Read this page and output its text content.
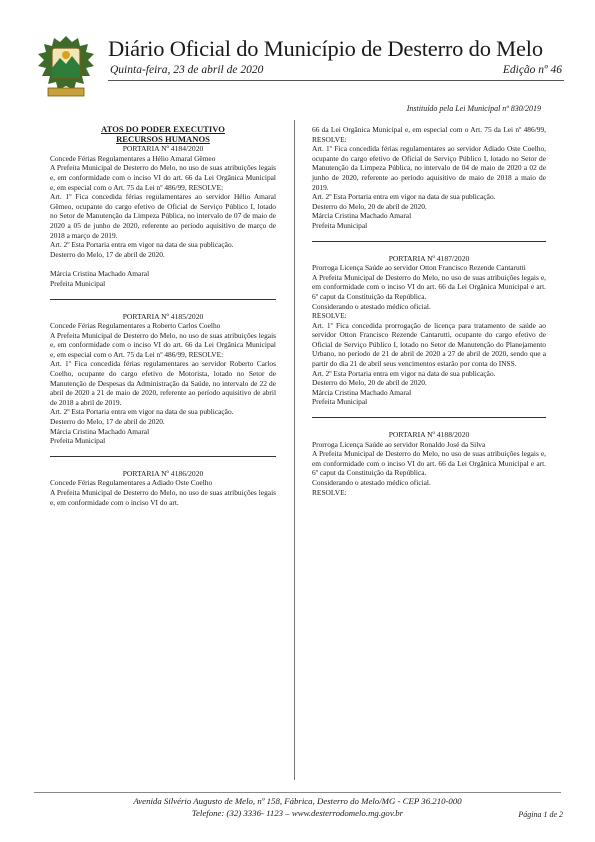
Diário Oficial do Município de Desterro do Melo
Quinta-feira, 23 de abril de 2020	Edição nº 46
Instituído pela Lei Municipal nº 830/2019

ATOS DO PODER EXECUTIVO

RECURSOS HUMANOS

PORTARIA Nº 4184/2020

Concede Férias Regulamentares a Hélio Amaral Gêmeo

A Prefeita Municipal de Desterro do Melo, no uso de suas atribuições legais e, em conformidade com o inciso VI do art. 66 da Lei Orgânica Municipal e, em especial com o Art. 75 da Lei nº 486/99, RESOLVE:

Art. 1º Fica concedida férias regulamentares ao servidor Hélio Amaral Gêmeo, ocupante do cargo efetivo de Oficial de Serviço Público I, lotado no Setor de Manutenção da Limpeza Pública, no intervalo de 07 de maio de 2020 a 05 de junho de 2020, referente ao período aquisitivo de março de 2018 a março de 2019.

Art. 2º Esta Portaria entra em vigor na data de sua publicação.

Desterro do Melo, 17 de abril de 2020.

Márcia Cristina Machado Amaral

Prefeita Municipal

PORTARIA Nº 4185/2020

Concede Férias Regulamentares a Roberto Carlos Coelho

A Prefeita Municipal de Desterro do Melo, no uso de suas atribuições legais e, em conformidade com o inciso VI do art. 66 da Lei Orgânica Municipal e, em especial com o Art. 75 da Lei nº 486/99, RESOLVE:

Art. 1º Fica concedida férias regulamentares ao servidor Roberto Carlos Coelho, ocupante do cargo efetivo de Motorista, lotado no Setor de Manutenção de Despesas da Administração da Saúde, no intervalo de 22 de abril de 2020 a 21 de maio de 2020, referente ao período aquisitivo de abril de 2018 a abril de 2019.

Art. 2º Esta Portaria entra em vigor na data de sua publicação.

Desterro do Melo, 17 de abril de 2020.

Márcia Cristina Machado Amaral

Prefeita Municipal

PORTARIA Nº 4186/2020

Concede Férias Regulamentares a Adiado Oste Coelho

A Prefeita Municipal de Desterro do Melo, no uso de suas atribuições legais e, em conformidade com o inciso VI do art.

66 da Lei Orgânica Municipal e, em especial com o Art. 75 da Lei nº 486/99, RESOLVE:

Art. 1º Fica concedida férias regulamentares ao servidor Adiado Oste Coelho, ocupante do cargo efetivo de Oficial de Serviço Público I, lotado no Setor de Manutenção da Limpeza Pública, no intervalo de 04 de maio de 2020 a 02 de junho de 2020, referente ao período aquisitivo de maio de 2018 a maio de 2019.

Art. 2º Esta Portaria entra em vigor na data de sua publicação.

Desterro do Melo, 20 de abril de 2020.

Márcia Cristina Machado Amaral

Prefeita Municipal

PORTARIA Nº 4187/2020

Prorroga Licença Saúde ao servidor Otton Francisco Rezende Cantarutti

A Prefeita Municipal de Desterro do Melo, no uso de suas atribuições legais e, em conformidade com o inciso VI do art. 66 da Lei Orgânica Municipal e art. 6º caput da Constituição da República.

Considerando o atestado médico oficial.

RESOLVE:

Art. 1º Fica concedida prorrogação de licença para tratamento de saúde ao servidor Otton Francisco Rezende Cantarutti, ocupante do cargo efetivo de Oficial de Serviço Público I, lotado no Setor de Manutenção do Planejamento Urbano, no período de 21 de abril de 2020 a 27 de abril de 2020, sendo que a partir do dia 21 de abril seus vencimentos estarão por conta do INSS.

Art. 2º Esta Portaria entra em vigor na data de sua publicação.

Desterro do Melo, 20 de abril de 2020.

Márcia Cristina Machado Amaral

Prefeita Municipal

PORTARIA Nº 4188/2020

Prorroga Licença Saúde ao servidor Ronaldo José da Silva

A Prefeita Municipal de Desterro do Melo, no uso de suas atribuições legais e, em conformidade com o inciso VI do art. 66 da Lei Orgânica Municipal e art. 6º caput da Constituição da República.

Considerando o atestado médico oficial.

RESOLVE:

Avenida Silvério Augusto de Melo, nº 158, Fábrica, Desterro do Melo/MG - CEP 36.210-000
Telefone: (32) 3336- 1123 – www.desterrodomelo.mg.gov.br	Página 1 de 2
